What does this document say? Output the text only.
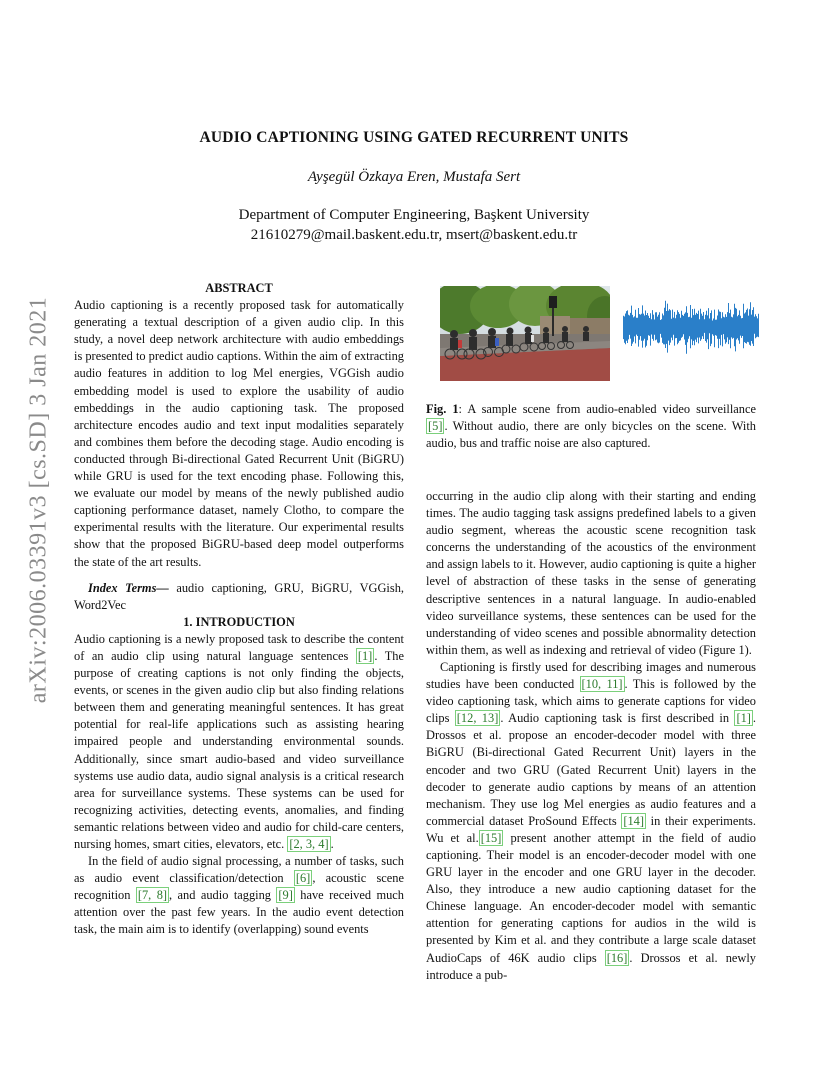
arXiv:2006.03391v3 [cs.SD] 3 Jan 2021
AUDIO CAPTIONING USING GATED RECURRENT UNITS
Ayşegül Özkaya Eren, Mustafa Sert
Department of Computer Engineering, Başkent University
21610279@mail.baskent.edu.tr, msert@baskent.edu.tr

ABSTRACT

Audio captioning is a recently proposed task for automatically generating a textual description of a given audio clip. In this study, a novel deep network architecture with audio embeddings is presented to predict audio captions. Within the aim of extracting audio features in addition to log Mel energies, VGGish audio embedding model is used to explore the usability of audio embeddings in the audio captioning task. The proposed architecture encodes audio and text input modalities separately and combines them before the decoding stage. Audio encoding is conducted through Bi-directional Gated Recurrent Unit (BiGRU) while GRU is used for the text encoding phase. Following this, we evaluate our model by means of the newly published audio captioning performance dataset, namely Clotho, to compare the experimental results with the literature. Our experimental results show that the proposed BiGRU-based deep model outperforms the state of the art results.

Index Terms— audio captioning, GRU, BiGRU, VGGish, Word2Vec

1. INTRODUCTION

Audio captioning is a newly proposed task to describe the content of an audio clip using natural language sentences [1] . The purpose of creating captions is not only finding the objects, events, or scenes in the given audio clip but also finding relations between them and generating meaningful sentences. It has great potential for real-life applications such as assisting hearing impaired people and understanding environmental sounds. Additionally, since smart audio-based and video surveillance systems use audio data, audio signal analysis is a critical research area for surveillance systems. These systems can be used for recognizing activities, detecting events, anomalies, and finding semantic relations between video and audio for child-care centers, nursing homes, smart cities, elevators, etc. [2, 3, 4] .

In the field of audio signal processing, a number of tasks, such as audio event classification/detection [6] , acoustic scene recognition [7, 8] , and audio tagging [9] have received much attention over the past few years. In the audio event detection task, the main aim is to identify (overlapping) sound events

Fig. 1: A sample scene from audio-enabled video surveillance [5] . Without audio, there are only bicycles on the scene. With audio, bus and traffic noise are also captured.

occurring in the audio clip along with their starting and ending times. The audio tagging task assigns predefined labels to a given audio segment, whereas the acoustic scene recognition task concerns the understanding of the acoustics of the environment and assign labels to it. However, audio captioning is quite a higher level of abstraction of these tasks in the sense of generating descriptive sentences in a natural language. In audio-enabled video surveillance systems, these sentences can be used for the understanding of video scenes and possible abnormality detection within them, as well as indexing and retrieval of video (Figure 1).

Captioning is firstly used for describing images and numerous studies have been conducted [10, 11] . This is followed by the video captioning task, which aims to generate captions for video clips [12, 13] . Audio captioning task is first described in [1] . Drossos et al. propose an encoder-decoder model with three BiGRU (Bi-directional Gated Recurrent Unit) layers in the encoder and two GRU (Gated Recurrent Unit) layers in the decoder to generate audio captions by means of an attention mechanism. They use log Mel energies as audio features and a commercial dataset ProSound Effects [14] in their experiments. Wu et al. [15] present another attempt in the field of audio captioning. Their model is an encoder-decoder model with one GRU layer in the encoder and one GRU layer in the decoder. Also, they introduce a new audio captioning dataset for the Chinese language. An encoder-decoder model with semantic attention for generating captions for audios in the wild is presented by Kim et al. and they contribute a large scale dataset AudioCaps of 46K audio clips [16] . Drossos et al. newly introduce a pub-
